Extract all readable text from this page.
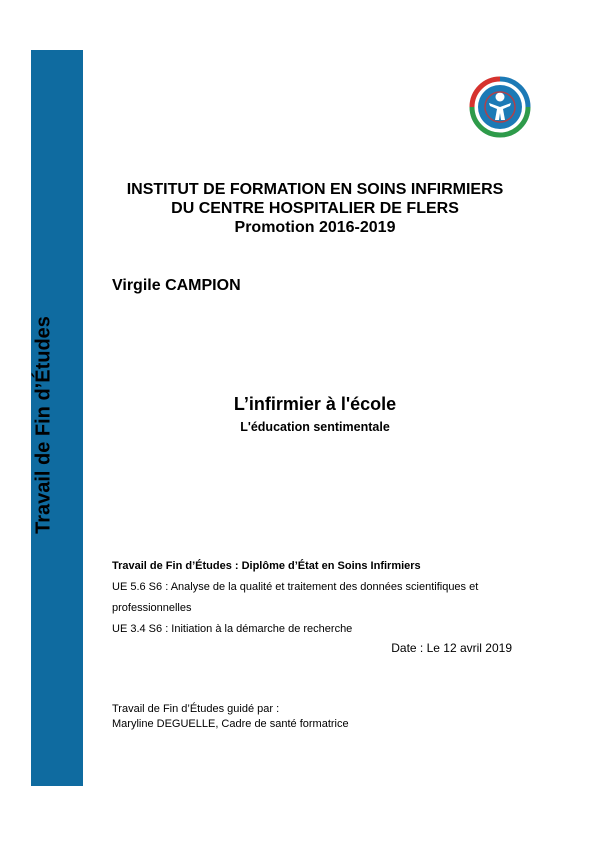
Travail de Fin d’Études
INSTITUT DE FORMATION EN SOINS INFIRMIERS
DU CENTRE HOSPITALIER DE FLERS
Promotion 2016-2019
Virgile CAMPION
L’infirmier à l'école
L'éducation sentimentale
Travail de Fin d’Études : Diplôme d’État en Soins Infirmiers
UE 5.6 S6 : Analyse de la qualité et traitement des données scientifiques et professionnelles
UE 3.4 S6 : Initiation à la démarche de recherche
Date : Le 12 avril 2019
Travail de Fin d’Études guidé par :
Maryline DEGUELLE, Cadre de santé formatrice
